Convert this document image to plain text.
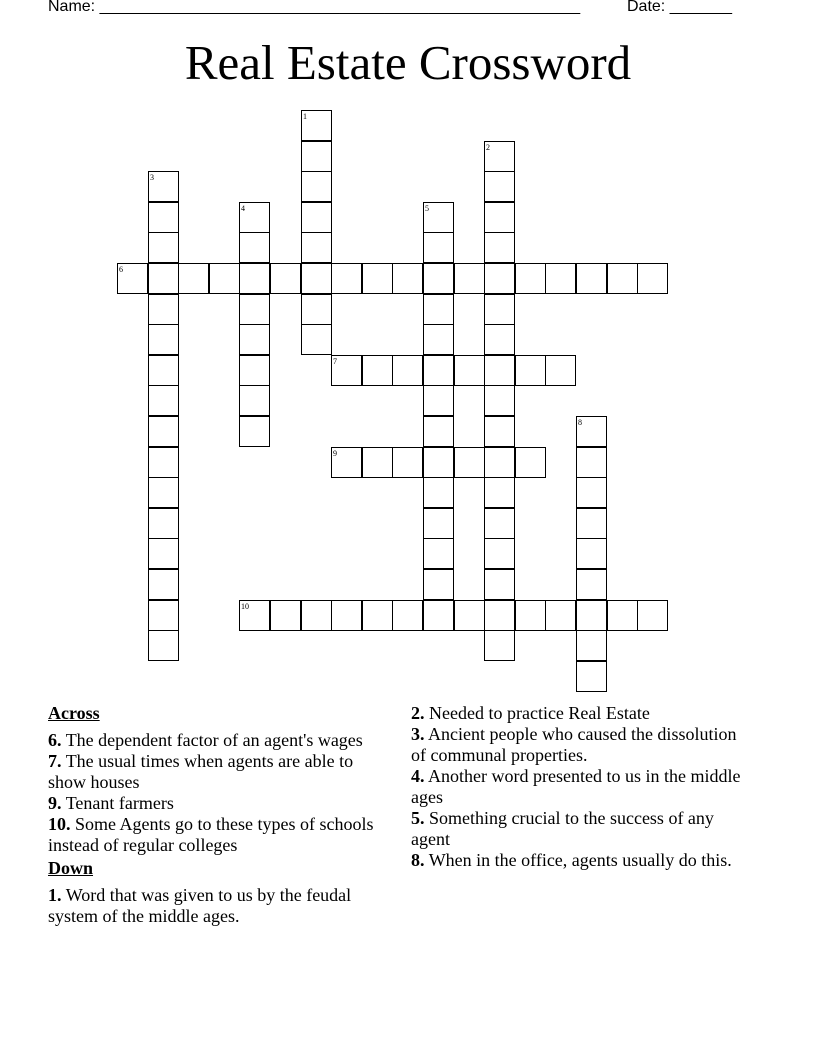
Name: ______________________________________________________	Date: _______
Real Estate Crossword
6
7
9
10
1
2
3
4	5
8
Across
6. The dependent factor of an agent's wages
7. The usual times when agents are able to show houses
9. Tenant farmers
10. Some Agents go to these types of schools instead of regular colleges
Down
1. Word that was given to us by the feudal system of the middle ages.
2. Needed to practice Real Estate
3. Ancient people who caused the dissolution of communal properties.
4. Another word presented to us in the middle ages
5. Something crucial to the success of any agent
8. When in the office, agents usually do this.
